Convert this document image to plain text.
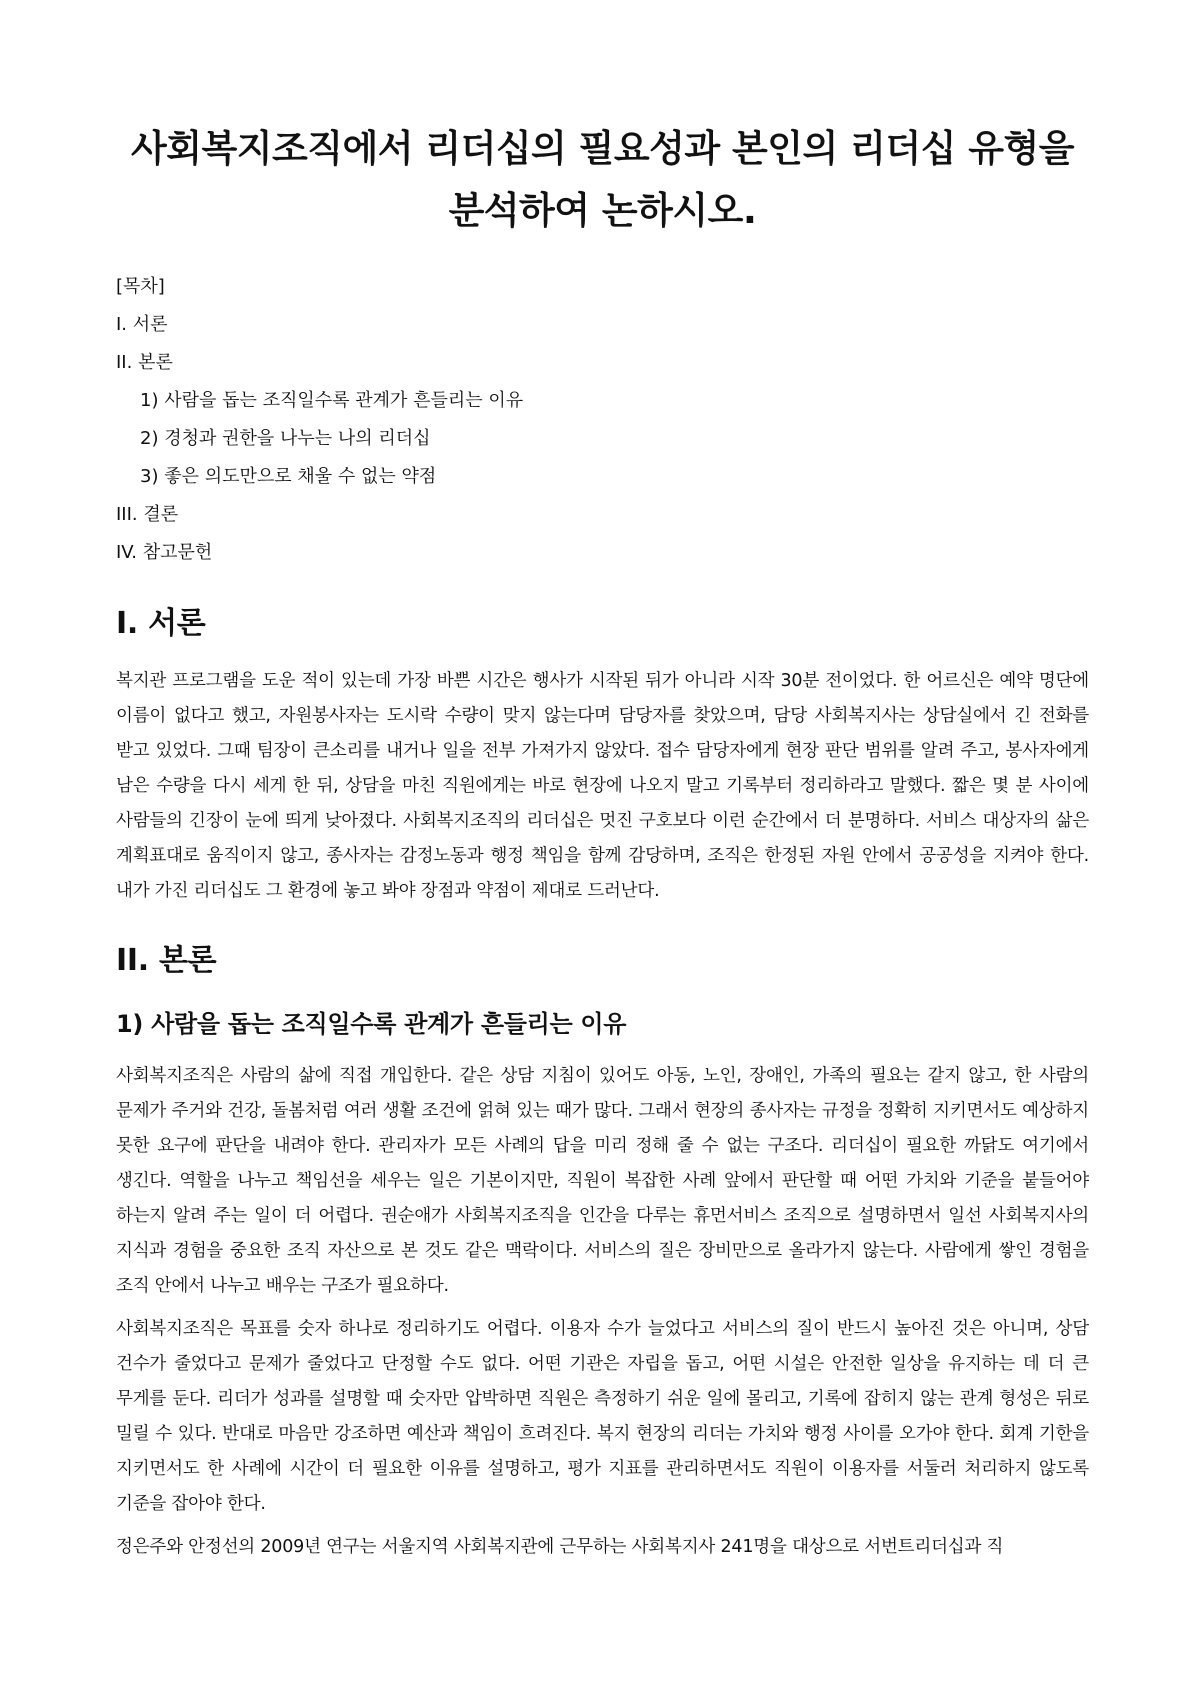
사회복지조직에서 리더십의 필요성과 본인의 리더십 유형을 분석하여 논하시오.
[목차]
I. 서론
II. 본론
1) 사람을 돕는 조직일수록 관계가 흔들리는 이유
2) 경청과 권한을 나누는 나의 리더십
3) 좋은 의도만으로 채울 수 없는 약점
III. 결론
IV. 참고문헌
I. 서론

복지관 프로그램을 도운 적이 있는데 가장 바쁜 시간은 행사가 시작된 뒤가 아니라 시작 30분 전이었다. 한 어르신은 예약 명단에 이름이 없다고 했고, 자원봉사자는 도시락 수량이 맞지 않는다며 담당자를 찾았으며, 담당 사회복지사는 상담실에서 긴 전화를 받고 있었다. 그때 팀장이 큰소리를 내거나 일을 전부 가져가지 않았다. 접수 담당자에게 현장 판단 범위를 알려 주고, 봉사자에게 남은 수량을 다시 세게 한 뒤, 상담을 마친 직원에게는 바로 현장에 나오지 말고 기록부터 정리하라고 말했다. 짧은 몇 분 사이에 사람들의 긴장이 눈에 띄게 낮아졌다. 사회복지조직의 리더십은 멋진 구호보다 이런 순간에서 더 분명하다. 서비스 대상자의 삶은 계획표대로 움직이지 않고, 종사자는 감정노동과 행정 책임을 함께 감당하며, 조직은 한정된 자원 안에서 공공성을 지켜야 한다. 내가 가진 리더십도 그 환경에 놓고 봐야 장점과 약점이 제대로 드러난다.

II. 본론
1) 사람을 돕는 조직일수록 관계가 흔들리는 이유

사회복지조직은 사람의 삶에 직접 개입한다. 같은 상담 지침이 있어도 아동, 노인, 장애인, 가족의 필요는 같지 않고, 한 사람의 문제가 주거와 건강, 돌봄처럼 여러 생활 조건에 얽혀 있는 때가 많다. 그래서 현장의 종사자는 규정을 정확히 지키면서도 예상하지 못한 요구에 판단을 내려야 한다. 관리자가 모든 사례의 답을 미리 정해 줄 수 없는 구조다. 리더십이 필요한 까닭도 여기에서 생긴다. 역할을 나누고 책임선을 세우는 일은 기본이지만, 직원이 복잡한 사례 앞에서 판단할 때 어떤 가치와 기준을 붙들어야 하는지 알려 주는 일이 더 어렵다. 권순애가 사회복지조직을 인간을 다루는 휴먼서비스 조직으로 설명하면서 일선 사회복지사의 지식과 경험을 중요한 조직 자산으로 본 것도 같은 맥락이다. 서비스의 질은 장비만으로 올라가지 않는다. 사람에게 쌓인 경험을 조직 안에서 나누고 배우는 구조가 필요하다.

사회복지조직은 목표를 숫자 하나로 정리하기도 어렵다. 이용자 수가 늘었다고 서비스의 질이 반드시 높아진 것은 아니며, 상담 건수가 줄었다고 문제가 줄었다고 단정할 수도 없다. 어떤 기관은 자립을 돕고, 어떤 시설은 안전한 일상을 유지하는 데 더 큰 무게를 둔다. 리더가 성과를 설명할 때 숫자만 압박하면 직원은 측정하기 쉬운 일에 몰리고, 기록에 잡히지 않는 관계 형성은 뒤로 밀릴 수 있다. 반대로 마음만 강조하면 예산과 책임이 흐려진다. 복지 현장의 리더는 가치와 행정 사이를 오가야 한다. 회계 기한을 지키면서도 한 사례에 시간이 더 필요한 이유를 설명하고, 평가 지표를 관리하면서도 직원이 이용자를 서둘러 처리하지 않도록 기준을 잡아야 한다.

정은주와 안정선의 2009년 연구는 서울지역 사회복지관에 근무하는 사회복지사 241명을 대상으로 서번트리더십과 직
